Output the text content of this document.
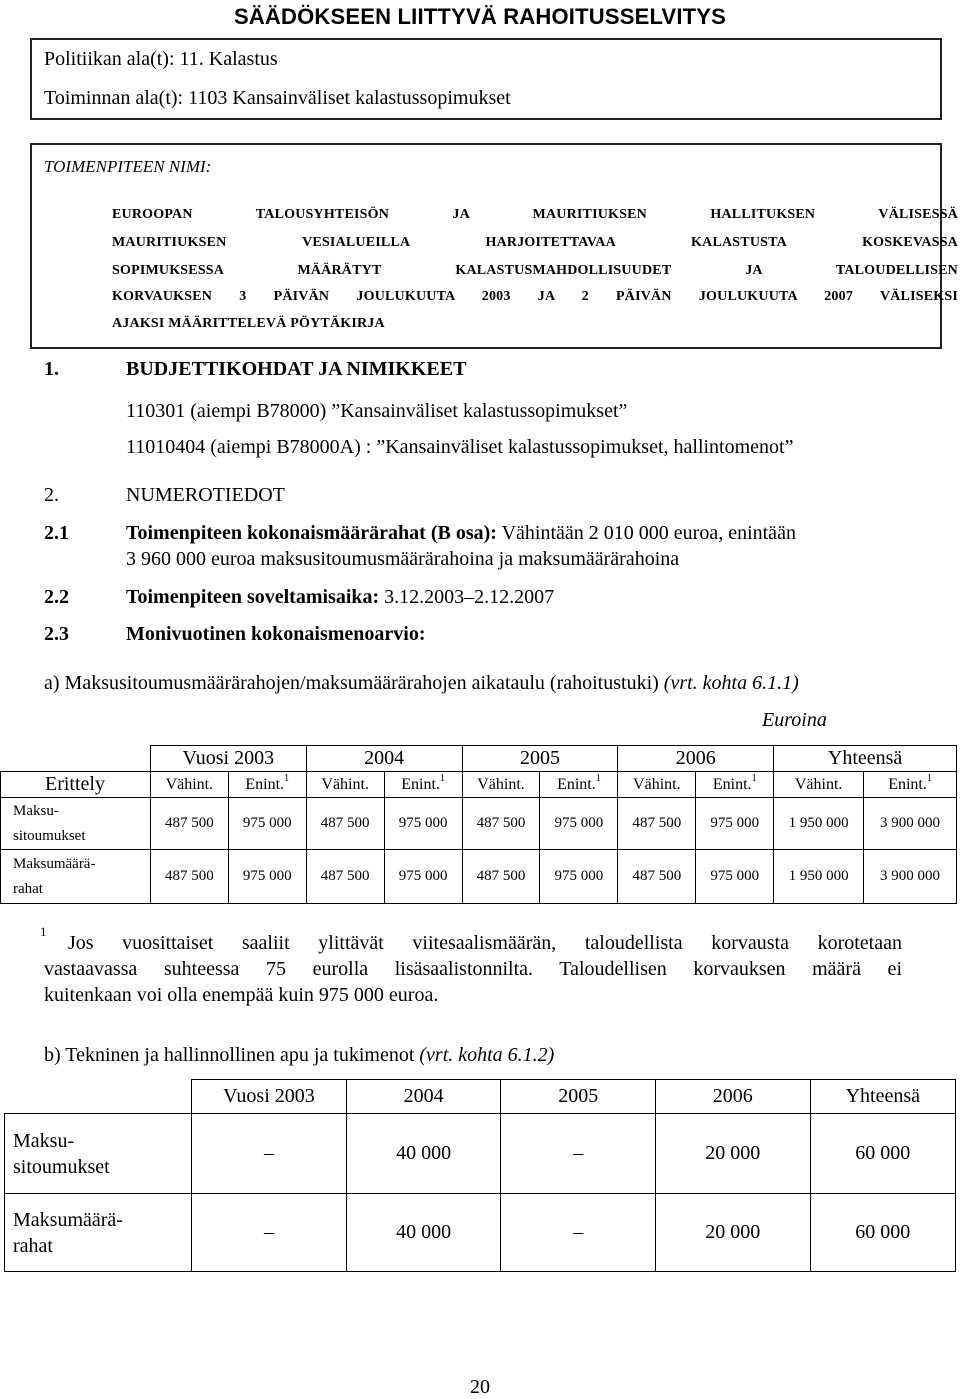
SÄÄDÖKSEEN LIITTYVÄ RAHOITUSSELVITYS
Politiikan ala(t): 11. Kalastus
Toiminnan ala(t): 1103 Kansainväliset kalastussopimukset
TOIMENPITEEN NIMI:
EUROOPAN TALOUSYHTEISÖN JA MAURITIUKSEN HALLITUKSEN VÄLISESSÄ
MAURITIUKSEN VESIALUEILLA HARJOITETTAVAA KALASTUSTA KOSKEVASSA
SOPIMUKSESSA MÄÄRÄTYT KALASTUSMAHDOLLISUUDET JA TALOUDELLISEN
KORVAUKSEN 3 PÄIVÄN JOULUKUUTA 2003 JA 2 PÄIVÄN JOULUKUUTA 2007 VÄLISEKSI
AJAKSI MÄÄRITTELEVÄ PÖYTÄKIRJA
1.	BUDJETTIKOHDAT JA NIMIKKEET
110301 (aiempi B78000) ”Kansainväliset kalastussopimukset”
11010404 (aiempi B78000A) : ”Kansainväliset kalastussopimukset, hallintomenot”
2.	NUMEROTIEDOT
2.1	Toimenpiteen kokonaismäärärahat (B osa): Vähintään 2 010 000 euroa, enintään
3 960 000 euroa maksusitoumusmäärärahoina ja maksumäärärahoina
2.2	Toimenpiteen soveltamisaika: 3.12.2003–2.12.2007
2.3	Monivuotinen kokonaismenoarvio:
a) Maksusitoumusmäärärahojen/maksumäärärahojen aikataulu (rahoitustuki) (vrt. kohta 6.1.1)
Euroina
	Vuosi 2003		2004		2005		2006		Yhteensä	
Erittely	Vähint.	Enint.$^1$	Vähint.	Enint.$^1$	Vähint.	Enint.$^1$	Vähint.	Enint.$^1$	Vähint.	Enint.$^1$
Maksu-
sitoumukset	487 500	975 000	487 500	975 000	487 500	975 000	487 500	975 000	1 950 000	3 900 000
Maksumäärä-
rahat	487 500	975 000	487 500	975 000	487 500	975 000	487 500	975 000	1 950 000	3 900 000
1
Jos vuosittaiset saaliit ylittävät viitesaalismäärän, taloudellista korvausta korotetaan
vastaavassa suhteessa 75 eurolla lisäsaalistonnilta. Taloudellisen korvauksen määrä ei
kuitenkaan voi olla enempää kuin 975 000 euroa.
b) Tekninen ja hallinnollinen apu ja tukimenot (vrt. kohta 6.1.2)
	Vuosi 2003	2004	2005	2006	Yhteensä
Maksu-
sitoumukset	–	40 000	–	20 000	60 000
Maksumäärä-
rahat	–	40 000	–	20 000	60 000
20
